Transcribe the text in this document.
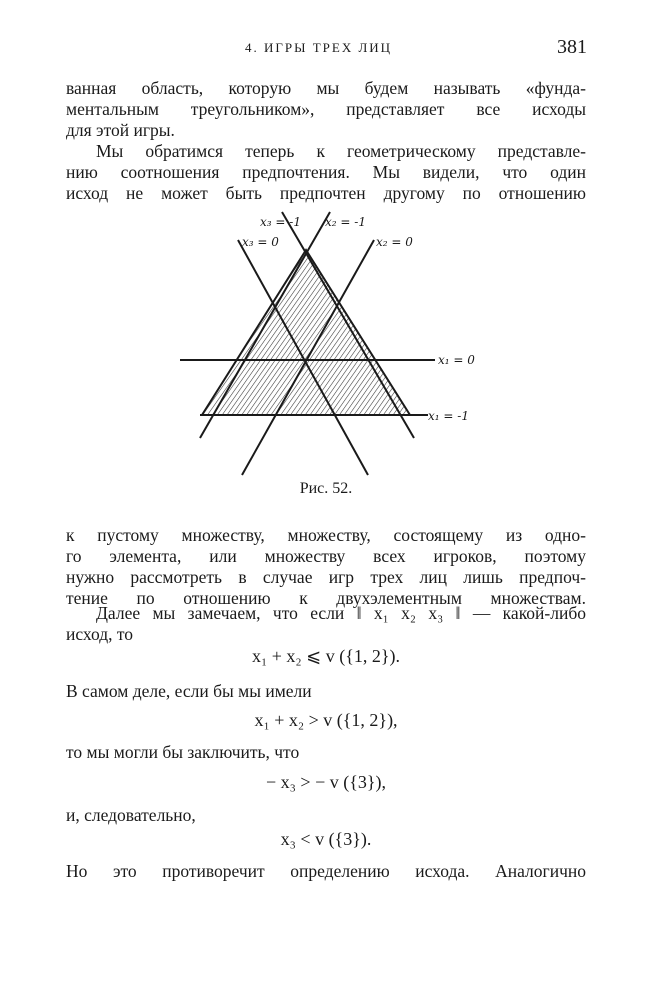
4. ИГРЫ ТРЕХ ЛИЦ	381
ванная область, которую мы будем называть «фунда-
ментальным треугольником», представляет все исходы
для этой игры.
Мы обратимся теперь к геометрическому представле-
нию соотношения предпочтения. Мы видели, что один
исход не может быть предпочтен другому по отношению
x₃ = -1 x₂ = -1
x₃ = 0	x₂ = 0
x₁ = 0
x₁ = -1
Рис. 52.
к пустому множеству, множеству, состоящему из одно-
го элемента, или множеству всех игроков, поэтому
нужно рассмотреть в случае игр трех лиц лишь предпоч-
тение по отношению к двухэлементным множествам.
Далее мы замечаем, что если ‖ x₁ x₂ x₃ ‖ — какой-либо
исход, то
x₁ + x₂ ⩽ v ({1, 2}).
В самом деле, если бы мы имели
x₁ + x₂ > v ({1, 2}),
то мы могли бы заключить, что
− x₃ > − v ({3}),
и, следовательно,
x₃ < v ({3}).
Но это противоречит определению исхода. Аналогично
